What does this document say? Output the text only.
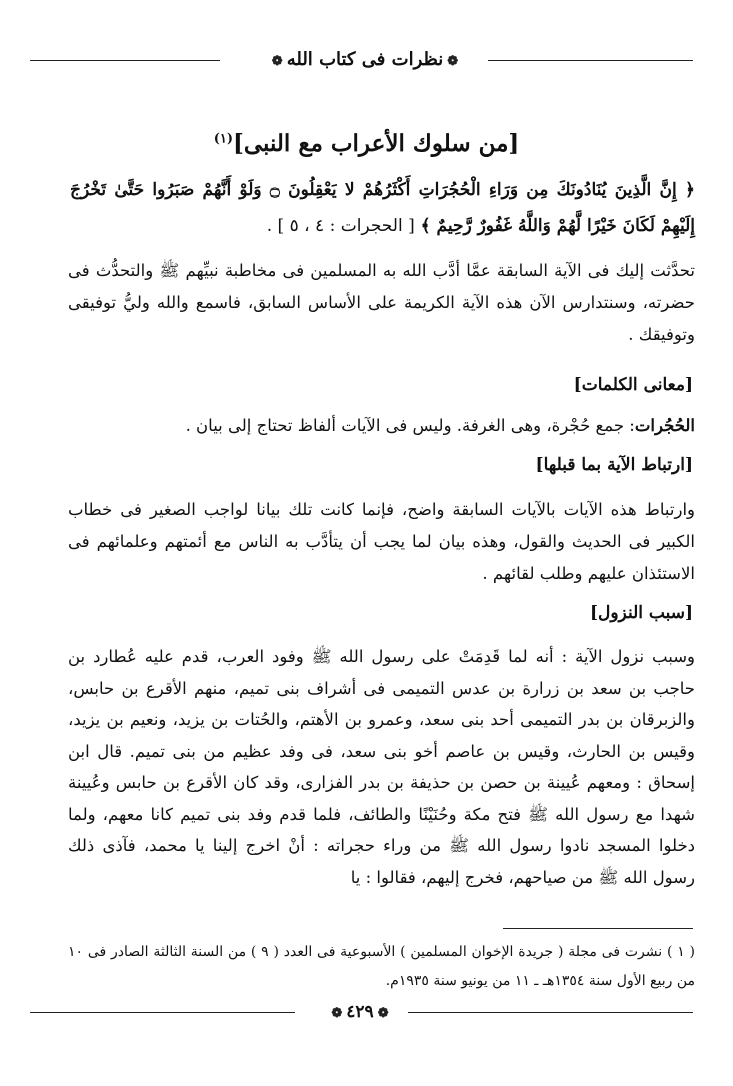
❁نظرات فى كتاب الله❁
[من سلوك الأعراب مع النبى]$^{(١)}$
﴿ إِنَّ الَّذِينَ يُنَادُونَكَ مِن وَرَاءِ الْحُجُرَاتِ أَكْثَرُهُمْ لا يَعْقِلُونَ ۝ وَلَوْ أَنَّهُمْ صَبَرُوا حَتَّىٰ تَخْرُجَ إِلَيْهِمْ لَكَانَ خَيْرًا لَّهُمْ وَاللَّهُ غَفُورٌ رَّحِيمٌ ﴾ [ الحجرات : ٤ ، ٥ ] .
تحدَّثت إليك فى الآية السابقة عمَّا أدَّب الله به المسلمين فى مخاطبة نبيِّهم ﷺ والتحدُّث فى حضرته، وسنتدارس الآن هذه الآية الكريمة على الأساس السابق، فاسمع والله وليُّ توفيقى وتوفيقك .
[معانى الكلمات]
الحُجُرات: جمع حُجْرة، وهى الغرفة. وليس فى الآيات ألفاظ تحتاج إلى بيان .
[ارتباط الآية بما قبلها]
وارتباط هذه الآيات بالآيات السابقة واضح، فإنما كانت تلك بيانا لواجب الصغير فى خطاب الكبير فى الحديث والقول، وهذه بيان لما يجب أن يتأدَّب به الناس مع أئمتهم وعلمائهم فى الاستئذان عليهم وطلب لقائهم .
[سبب النزول]
وسبب نزول الآية : أنه لما قَدِمَتْ على رسول الله ﷺ وفود العرب، قدم عليه عُطارد بن حاجب بن سعد بن زرارة بن عدس التميمى فى أشراف بنى تميم، منهم الأقرع بن حابس، والزبرقان بن بدر التميمى أحد بنى سعد، وعمرو بن الأهتم، والحُتات بن يزيد، ونعيم بن يزيد، وقيس بن الحارث، وقيس بن عاصم أخو بنى سعد، فى وفد عظيم من بنى تميم. قال ابن إسحاق : ومعهم عُيينة بن حصن بن حذيفة بن بدر الفزارى، وقد كان الأقرع بن حابس وعُيينة شهدا مع رسول الله ﷺ فتح مكة وحُنَيْنًا والطائف، فلما قدم وفد بنى تميم كانا معهم، ولما دخلوا المسجد نادوا رسول الله ﷺ من وراء حجراته : أنْ اخرج إلينا يا محمد، فآذى ذلك رسول الله ﷺ من صياحهم، فخرج إليهم، فقالوا : يا
( ١ ) نشرت فى مجلة ( جريدة الإخوان المسلمين ) الأسبوعية فى العدد ( ٩ ) من السنة الثالثة الصادر فى ١٠ من ربيع الأول سنة ١٣٥٤هـ ـ ١١ من يونيو سنة ١٩٣٥م.
❁٤٢٩❁
